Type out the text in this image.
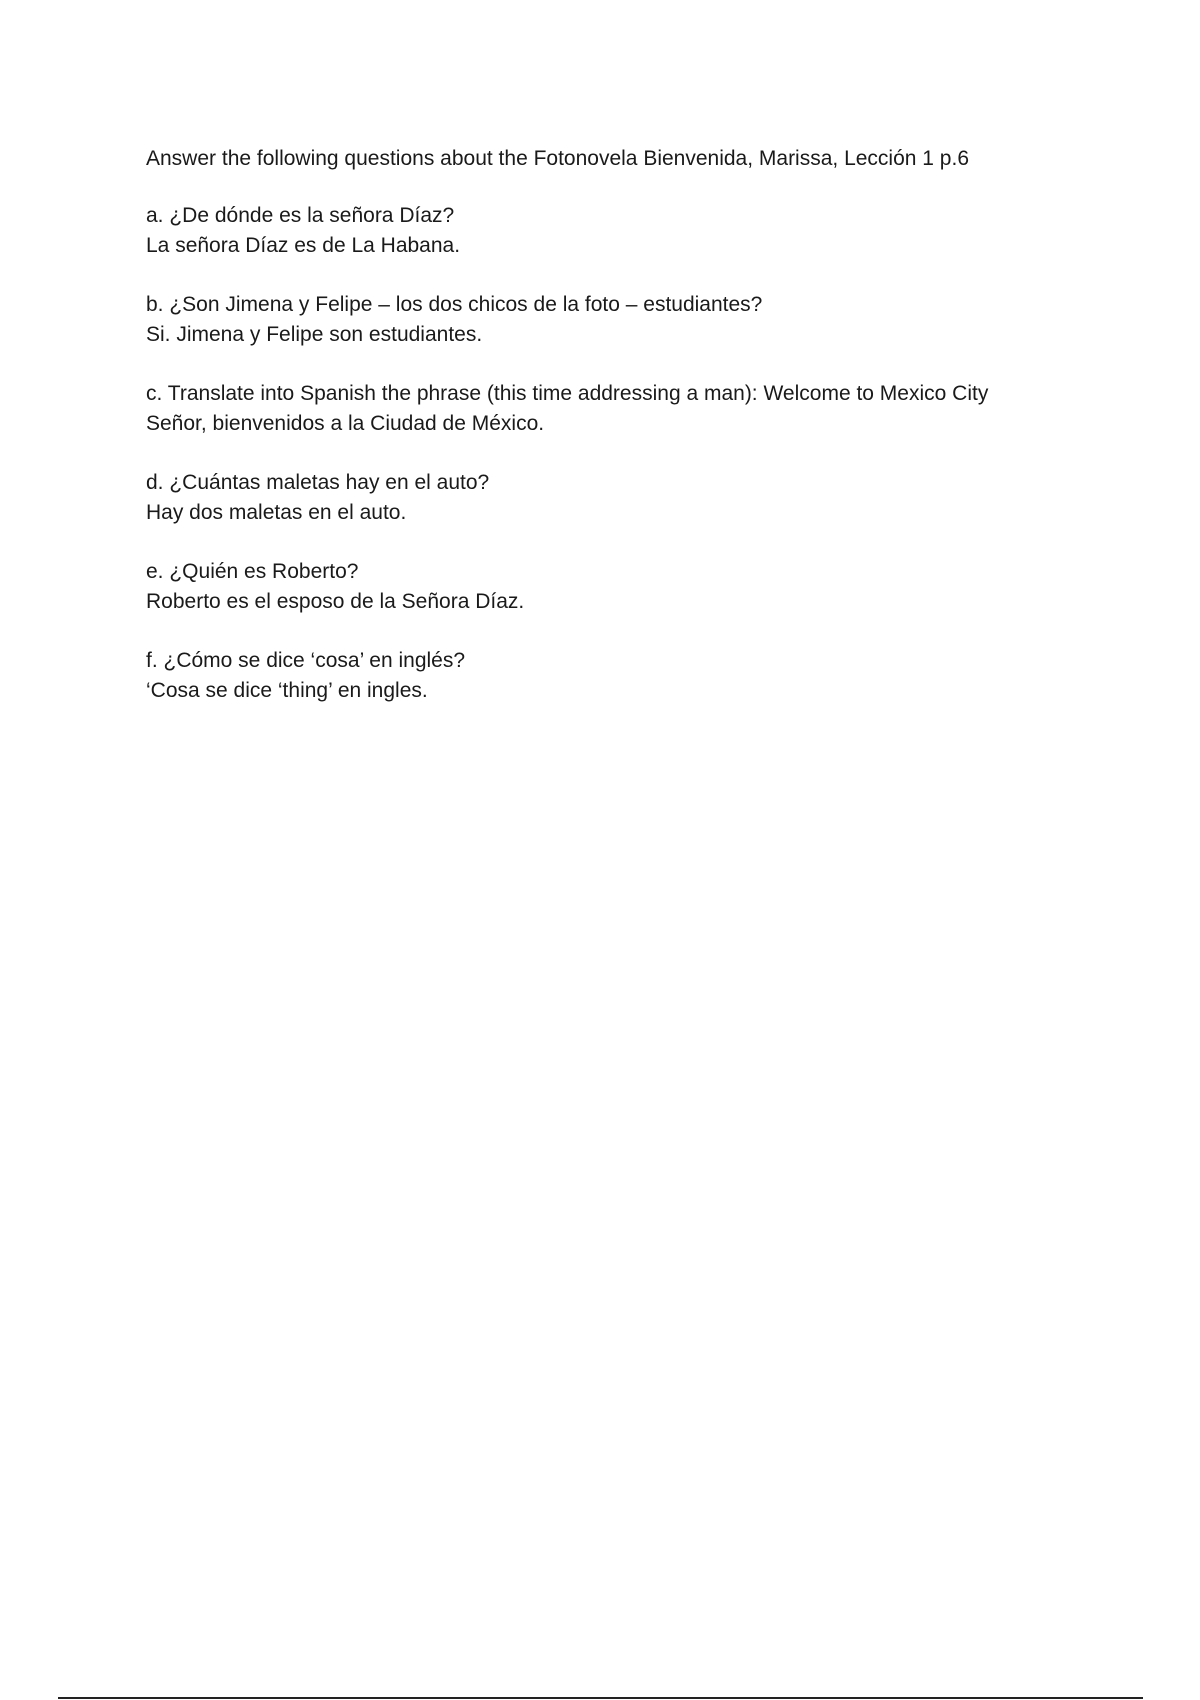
Answer the following questions about the Fotonovela Bienvenida, Marissa, Lección 1 p.6

a. ¿De dónde es la señora Díaz?

La señora Díaz es de La Habana.

b. ¿Son Jimena y Felipe – los dos chicos de la foto – estudiantes?

Si. Jimena y Felipe son estudiantes.

c. Translate into Spanish the phrase (this time addressing a man): Welcome to Mexico City

Señor, bienvenidos a la Ciudad de México.

d. ¿Cuántas maletas hay en el auto?

Hay dos maletas en el auto.

e. ¿Quién es Roberto?

Roberto es el esposo de la Señora Díaz.

f. ¿Cómo se dice ‘cosa’ en inglés?

‘Cosa se dice ‘thing’ en ingles.
